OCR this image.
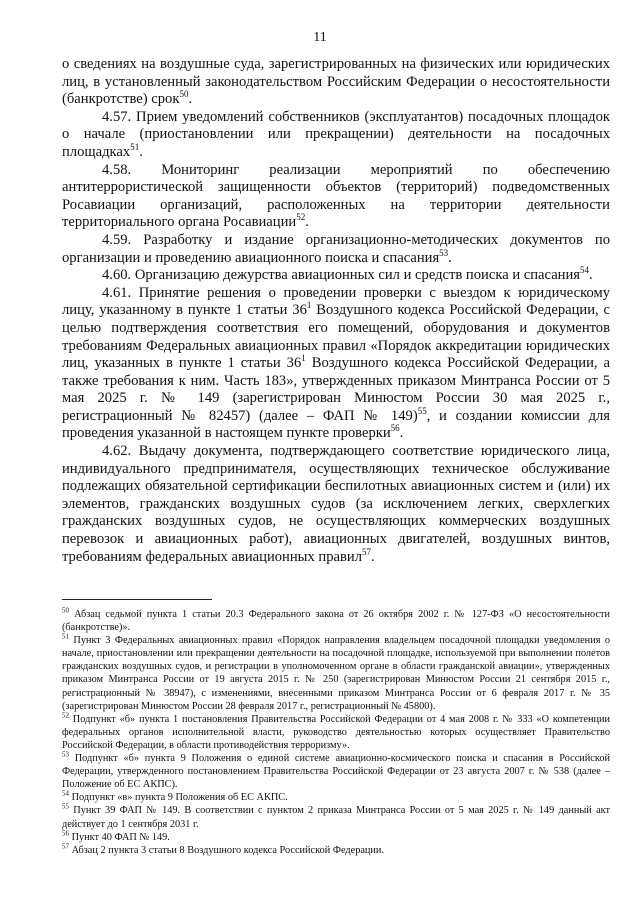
11

о сведениях на воздушные суда, зарегистрированных на физических или юридических лиц, в установленный законодательством Российским Федерации о несостоятельности (банкротстве) срок$^{50}$.

4.57. Прием уведомлений собственников (эксплуатантов) посадочных площадок о начале (приостановлении или прекращении) деятельности на посадочных площадках$^{51}$.

4.58. Мониторинг реализации мероприятий по обеспечению антитеррористической защищенности объектов (территорий) подведомственных Росавиации организаций, расположенных на территории деятельности территориального органа Росавиации$^{52}$.

4.59. Разработку и издание организационно-методических документов по организации и проведению авиационного поиска и спасания$^{53}$.

4.60. Организацию дежурства авиационных сил и средств поиска и спасания$^{54}$.

4.61. Принятие решения о проведении проверки с выездом к юридическому лицу, указанному в пункте 1 статьи $36^1$ Воздушного кодекса Российской Федерации, с целью подтверждения соответствия его помещений, оборудования и документов требованиям Федеральных авиационных правил «Порядок аккредитации юридических лиц, указанных в пункте 1 статьи $36^1$ Воздушного кодекса Российской Федерации, а также требования к ним. Часть 183», утвержденных приказом Минтранса России от 5 мая 2025 г. № 149 (зарегистрирован Минюстом России 30 мая 2025 г., регистрационный № 82457) (далее – ФАП № 149)$^{55}$, и создании комиссии для проведения указанной в настоящем пункте проверки$^{56}$.

4.62. Выдачу документа, подтверждающего соответствие юридического лица, индивидуального предпринимателя, осуществляющих техническое обслуживание подлежащих обязательной сертификации беспилотных авиационных систем и (или) их элементов, гражданских воздушных судов (за исключением легких, сверхлегких гражданских воздушных судов, не осуществляющих коммерческих воздушных перевозок и авиационных работ), авиационных двигателей, воздушных винтов, требованиям федеральных авиационных правил$^{57}$.

$^{50}$ Абзац седьмой пункта 1 статьи 20.3 Федерального закона от 26 октября 2002 г. № 127-ФЗ «О несостоятельности (банкротстве)».

$^{51}$ Пункт 3 Федеральных авиационных правил «Порядок направления владельцем посадочной площадки уведомления о начале, приостановлении или прекращении деятельности на посадочной площадке, используемой при выполнении полетов гражданских воздушных судов, и регистрации в уполномоченном органе в области гражданской авиации», утвержденных приказом Минтранса России от 19 августа 2015 г. № 250 (зарегистрирован Минюстом России 21 сентября 2015 г., регистрационный № 38947), с изменениями, внесенными приказом Минтранса России от 6 февраля 2017 г. № 35 (зарегистрирован Минюстом России 28 февраля 2017 г., регистрационный № 45800).

$^{52}$ Подпункт «б» пункта 1 постановления Правительства Российской Федерации от 4 мая 2008 г. № 333 «О компетенции федеральных органов исполнительной власти, руководство деятельностью которых осуществляет Правительство Российской Федерации, в области противодействия терроризму».

$^{53}$ Подпункт «б» пункта 9 Положения о единой системе авиационно-космического поиска и спасания в Российской Федерации, утвержденного постановлением Правительства Российской Федерации от 23 августа 2007 г. № 538 (далее – Положение об ЕС АКПС).

$^{54}$ Подпункт «в» пункта 9 Положения об ЕС АКПС.

$^{55}$ Пункт 39 ФАП № 149. В соответствии с пунктом 2 приказа Минтранса России от 5 мая 2025 г. № 149 данный акт действует до 1 сентября 2031 г.

$^{56}$ Пункт 40 ФАП № 149.

$^{57}$ Абзац 2 пункта 3 статьи 8 Воздушного кодекса Российской Федерации.
